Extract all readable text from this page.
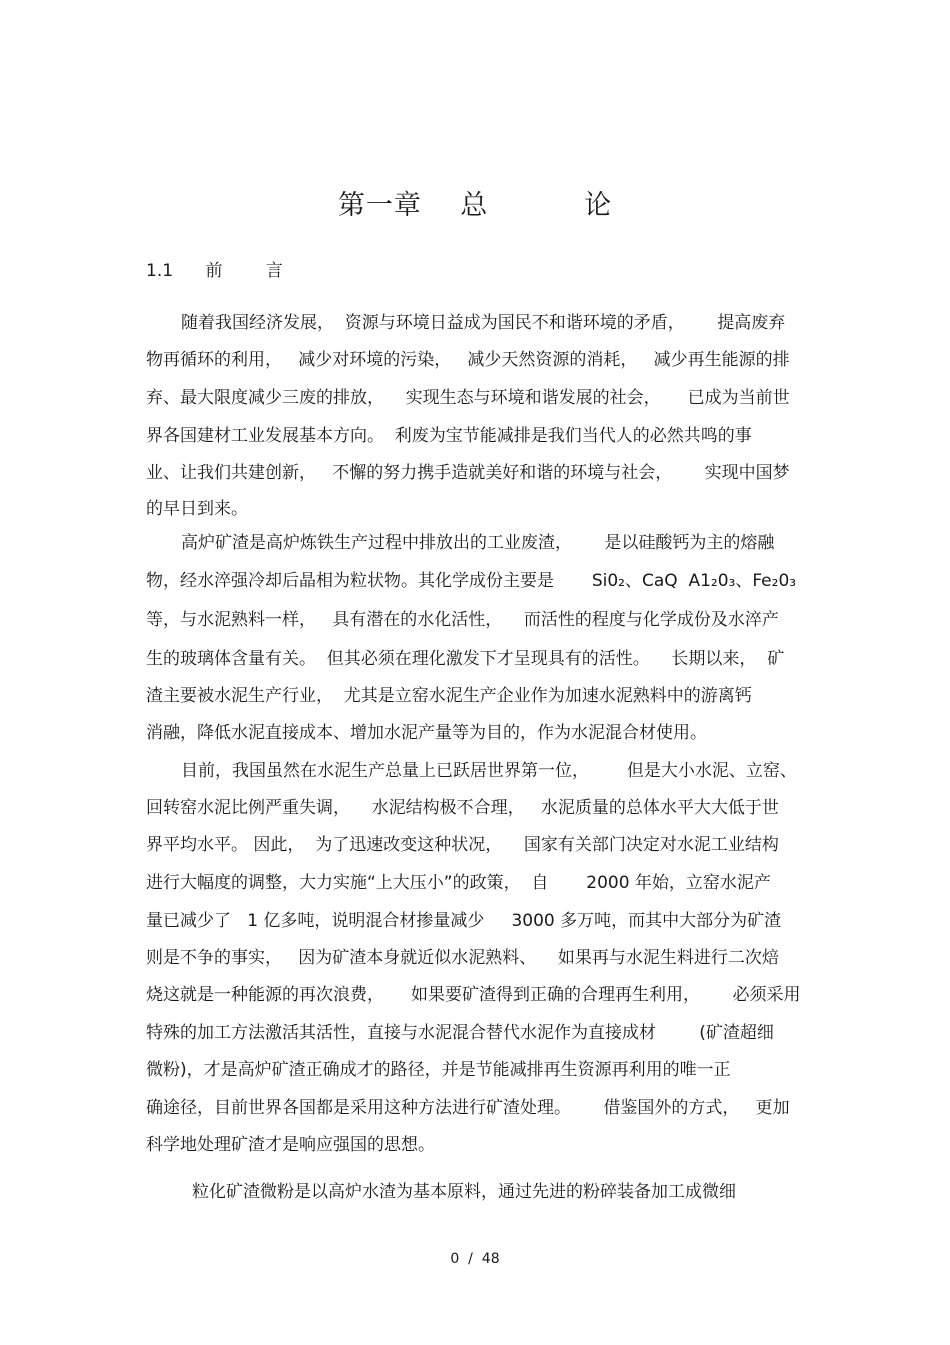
第一章    总          论
1.1      前        言
随着我国经济发展，  资源与环境日益成为国民不和谐环境的矛盾，      提高废弃
物再循环的利用，   减少对环境的污染，   减少天然资源的消耗，   减少再生能源的排
弃、最大限度减少三废的排放，    实现生态与环境和谐发展的社会，     已成为当前世
界各国建材工业发展基本方向。  利废为宝节能减排是我们当代人的必然共鸣的事
业、让我们共建创新，   不懈的努力携手造就美好和谐的环境与社会，      实现中国梦
的早日到来。
高炉矿渣是高炉炼铁生产过程中排放出的工业废渣，      是以硅酸钙为主的熔融
物，经水淬强冷却后晶相为粒状物。其化学成份主要是       Si0₂、CaQ  A1₂0₃、Fe₂0₃
等，与水泥熟料一样，   具有潜在的水化活性，    而活性的程度与化学成份及水淬产
生的玻璃体含量有关。  但其必须在理化激发下才呈现具有的活性。    长期以来，  矿
渣主要被水泥生产行业，  尤其是立窑水泥生产企业作为加速水泥熟料中的游离钙
消融，降低水泥直接成本、增加水泥产量等为目的，作为水泥混合材使用。
目前，我国虽然在水泥生产总量上已跃居世界第一位，       但是大小水泥、立窑、
回转窑水泥比例严重失调，    水泥结构极不合理，   水泥质量的总体水平大大低于世
界平均水平。 因此，  为了迅速改变这种状况，    国家有关部门决定对水泥工业结构
进行大幅度的调整，大力实施“上大压小”的政策，  自       2000 年始，立窑水泥产
量已减少了   1 亿多吨，说明混合材掺量减少     3000 多万吨，而其中大部分为矿渣
则是不争的事实，   因为矿渣本身就近似水泥熟料、    如果再与水泥生料进行二次焙
烧这就是一种能源的再次浪费，     如果要矿渣得到正确的合理再生利用，      必须采用
特殊的加工方法激活其活性，直接与水泥混合替代水泥作为直接成材        (矿渣超细
微粉)，才是高炉矿渣正确成才的路径，并是节能减排再生资源再利用的唯一正
确途径，目前世界各国都是采用这种方法进行矿渣处理。      借鉴国外的方式，   更加
科学地处理矿渣才是响应强国的思想。
粒化矿渣微粉是以高炉水渣为基本原料，通过先进的粉碎装备加工成微细
0  /  48
